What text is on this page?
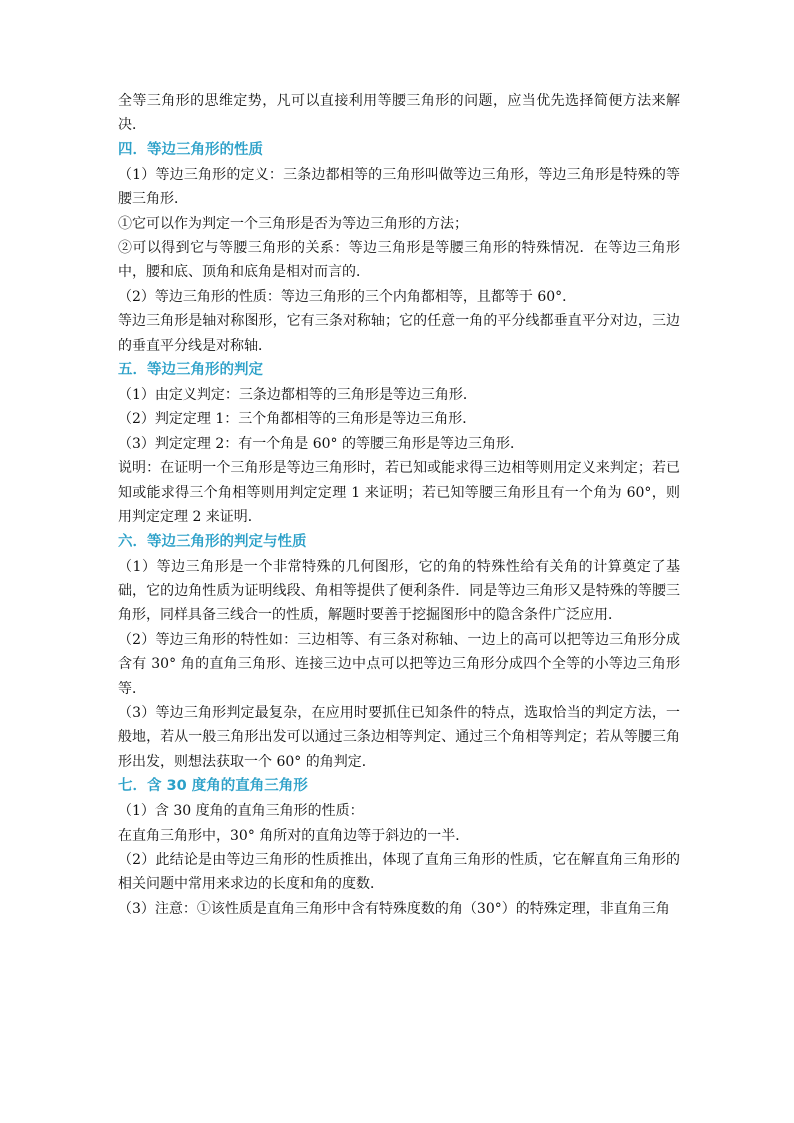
全等三角形的思维定势，凡可以直接利用等腰三角形的问题，应当优先选择简便方法来解决．

四．等边三角形的性质

（1）等边三角形的定义：三条边都相等的三角形叫做等边三角形，等边三角形是特殊的等腰三角形．

①它可以作为判定一个三角形是否为等边三角形的方法；

②可以得到它与等腰三角形的关系：等边三角形是等腰三角形的特殊情况．在等边三角形中，腰和底、顶角和底角是相对而言的．

（2）等边三角形的性质：等边三角形的三个内角都相等，且都等于 60°．

等边三角形是轴对称图形，它有三条对称轴；它的任意一角的平分线都垂直平分对边，三边的垂直平分线是对称轴．

五．等边三角形的判定

（1）由定义判定：三条边都相等的三角形是等边三角形．

（2）判定定理 1：三个角都相等的三角形是等边三角形．

（3）判定定理 2：有一个角是 60° 的等腰三角形是等边三角形．

说明：在证明一个三角形是等边三角形时，若已知或能求得三边相等则用定义来判定；若已知或能求得三个角相等则用判定定理 1 来证明；若已知等腰三角形且有一个角为 60°，则用判定定理 2 来证明．

六．等边三角形的判定与性质

（1）等边三角形是一个非常特殊的几何图形，它的角的特殊性给有关角的计算奠定了基础，它的边角性质为证明线段、角相等提供了便利条件．同是等边三角形又是特殊的等腰三角形，同样具备三线合一的性质，解题时要善于挖掘图形中的隐含条件广泛应用．

（2）等边三角形的特性如：三边相等、有三条对称轴、一边上的高可以把等边三角形分成含有 30° 角的直角三角形、连接三边中点可以把等边三角形分成四个全等的小等边三角形等．

（3）等边三角形判定最复杂，在应用时要抓住已知条件的特点，选取恰当的判定方法，一般地，若从一般三角形出发可以通过三条边相等判定、通过三个角相等判定；若从等腰三角形出发，则想法获取一个 60° 的角判定．

七．含 30 度角的直角三角形

（1）含 30 度角的直角三角形的性质：

在直角三角形中，30° 角所对的直角边等于斜边的一半．

（2）此结论是由等边三角形的性质推出，体现了直角三角形的性质，它在解直角三角形的相关问题中常用来求边的长度和角的度数．

（3）注意：①该性质是直角三角形中含有特殊度数的角（30°）的特殊定理，非直角三角
